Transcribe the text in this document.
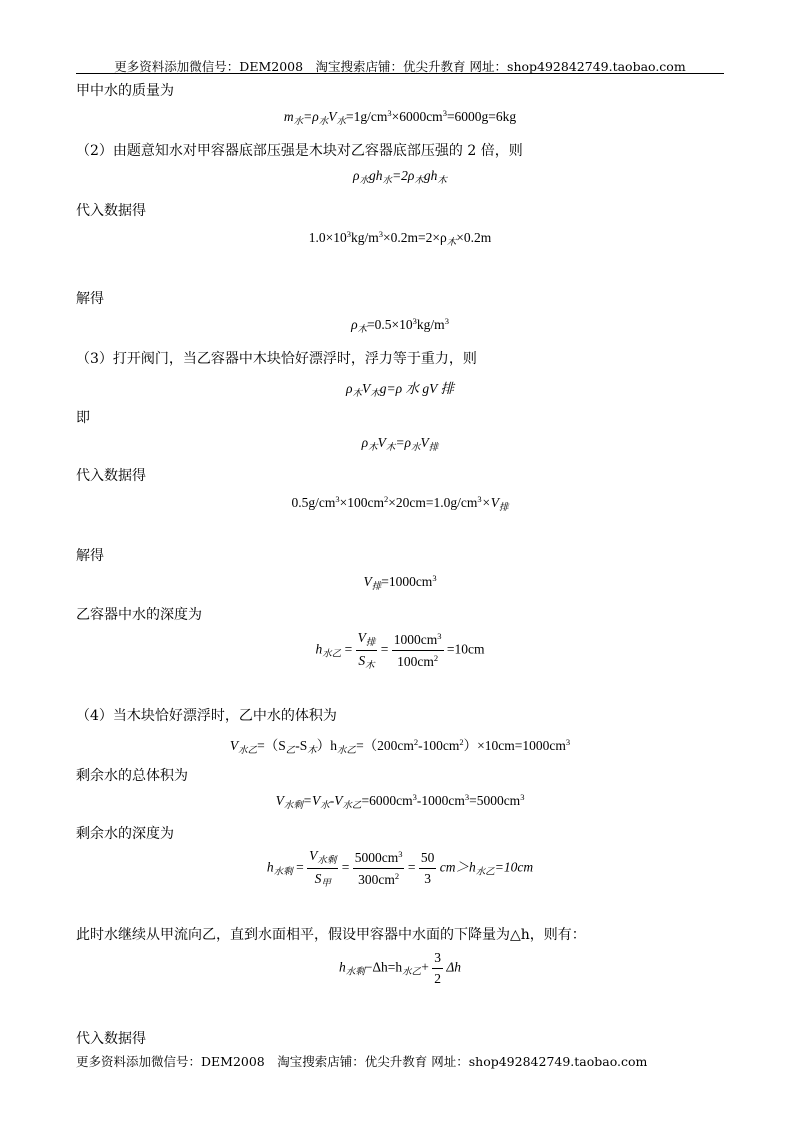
更多资料添加微信号：DEM2008　淘宝搜索店铺：优尖升教育 网址：shop492842749.taobao.com
甲中水的质量为
$m_水=\rho_水V_水=1g/cm^3\times 6000cm^3=6000g=6kg$
（2）由题意知水对甲容器底部压强是木块对乙容器底部压强的 2 倍，则
$\rho_水gh_水=2\rho_木gh_木$
代入数据得
$1.0\times 10^3kg/m^3\times 0.2m=2\times\rho_木\times 0.2m$
解得
$\rho_木=0.5\times 10^3kg/m^3$
（3）打开阀门，当乙容器中木块恰好漂浮时，浮力等于重力，则
$\rho_木V_木g=\rho$ 水 gV 排
即
$\rho_木V_木=\rho_水V_排$
代入数据得
$0.5g/cm^3\times 100cm^2\times 20cm=1.0g/cm^3\times V_排$
解得
$V_排=1000cm^3$
乙容器中水的深度为
$h_{水乙} = \frac{V_排}{S_木} = \frac{1000cm^3}{100cm^2} =10cm$
（4）当木块恰好漂浮时，乙中水的体积为
$V_{水乙}=(S_乙-S_木)h_{水乙}=(200cm^2-100cm^2)\times 10cm=1000cm^3$
剩余水的总体积为
$V_{水剩}=V_水-V_{水乙}=6000cm^3-1000cm^3=5000cm^3$
剩余水的深度为
$h_{水剩} = \frac{V_{水剩}}{S_甲} = \frac{5000cm^3}{300cm^2} = \frac{50}{3} cm>h_{水乙}=10cm$
此时水继续从甲流向乙，直到水面相平，假设甲容器中水面的下降量为△h，则有：
$h_{水剩}-\Delta h=h_{水乙}+ \frac{3}{2}$ Δh
代入数据得
更多资料添加微信号：DEM2008　淘宝搜索店铺：优尖升教育 网址：shop492842749.taobao.com
